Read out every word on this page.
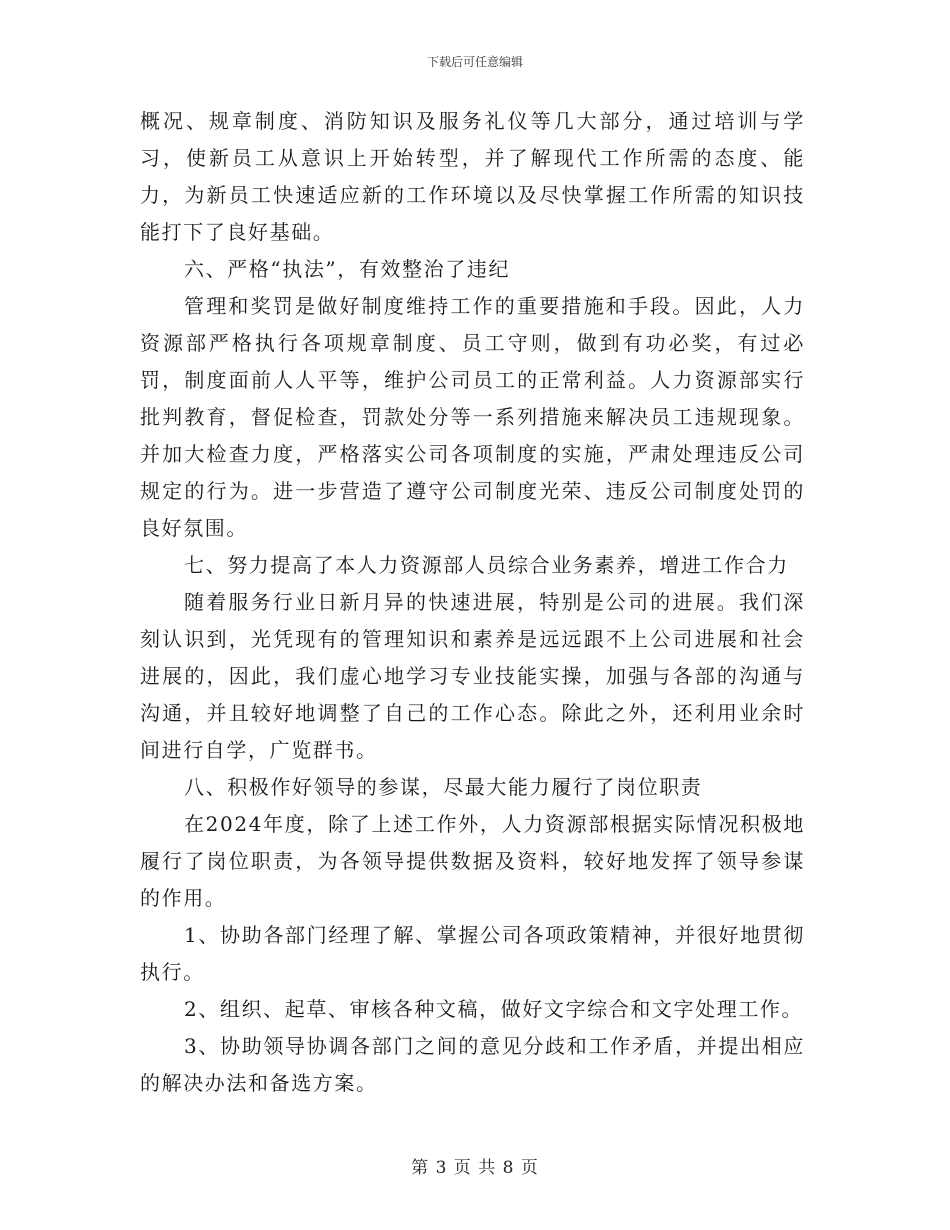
下载后可任意编辑

概况、规章制度、消防知识及服务礼仪等几大部分，通过培训与学习，使新员工从意识上开始转型，并了解现代工作所需的态度、能力，为新员工快速适应新的工作环境以及尽快掌握工作所需的知识技能打下了良好基础。

六、严格“执法”，有效整治了违纪

管理和奖罚是做好制度维持工作的重要措施和手段。因此，人力资源部严格执行各项规章制度、员工守则，做到有功必奖，有过必罚，制度面前人人平等，维护公司员工的正常利益。人力资源部实行批判教育，督促检查，罚款处分等一系列措施来解决员工违规现象。并加大检查力度，严格落实公司各项制度的实施，严肃处理违反公司规定的行为。进一步营造了遵守公司制度光荣、违反公司制度处罚的良好氛围。

七、努力提高了本人力资源部人员综合业务素养，增进工作合力

随着服务行业日新月异的快速进展，特别是公司的进展。我们深刻认识到，光凭现有的管理知识和素养是远远跟不上公司进展和社会进展的，因此，我们虚心地学习专业技能实操，加强与各部的沟通与沟通，并且较好地调整了自己的工作心态。除此之外，还利用业余时间进行自学，广览群书。

八、积极作好领导的参谋，尽最大能力履行了岗位职责

在2024年度，除了上述工作外，人力资源部根据实际情况积极地履行了岗位职责，为各领导提供数据及资料，较好地发挥了领导参谋的作用。

1、协助各部门经理了解、掌握公司各项政策精神，并很好地贯彻执行。

2、组织、起草、审核各种文稿，做好文字综合和文字处理工作。

3、协助领导协调各部门之间的意见分歧和工作矛盾，并提出相应的解决办法和备选方案。

第 3 页 共 8 页
